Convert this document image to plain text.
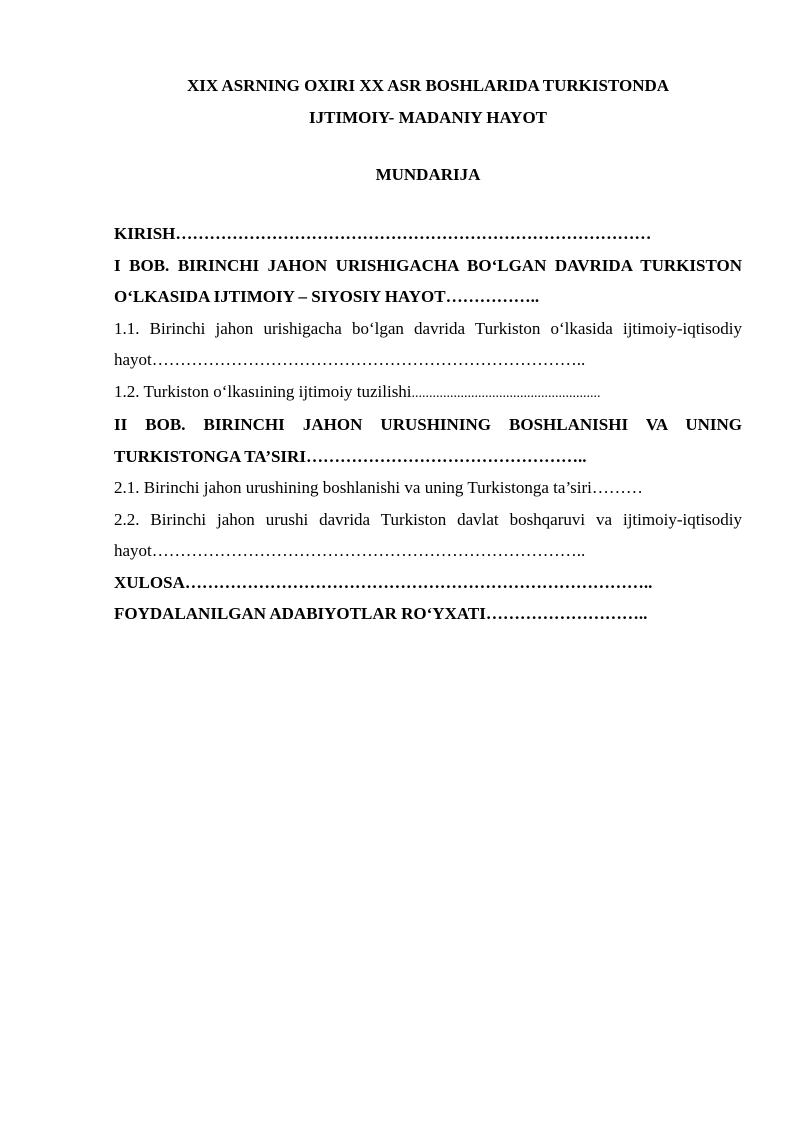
XIX ASRNING OXIRI XX ASR BOSHLARIDA TURKISTONDA
IJTIMOIY- MADANIY HAYOT

MUNDARIJA

KIRISH…………………………………………………………………………

I BOB. BIRINCHI JAHON URISHIGACHA BO‘LGAN DAVRIDA TURKISTON O‘LKASIDA IJTIMOIY – SIYOSIY HAYOT……………..

1.1. Birinchi jahon urishigacha bo‘lgan davrida Turkiston o‘lkasida ijtimoiy-iqtisodiy hayot…………………………………………………………………..

1.2. Turkiston o‘lkasıining ijtimoiy tuzilishi......................................................

II BOB. BIRINCHI JAHON URUSHINING BOSHLANISHI VA UNING TURKISTONGA TA’SIRI…………………………………………..

2.1. Birinchi jahon urushining boshlanishi va uning Turkistonga ta’siri………

2.2. Birinchi jahon urushi davrida Turkiston davlat boshqaruvi va ijtimoiy-iqtisodiy hayot…………………………………………………………………..

XULOSA………………………………………………………………………..

FOYDALANILGAN ADABIYOTLAR RO‘YXATI………………………..
